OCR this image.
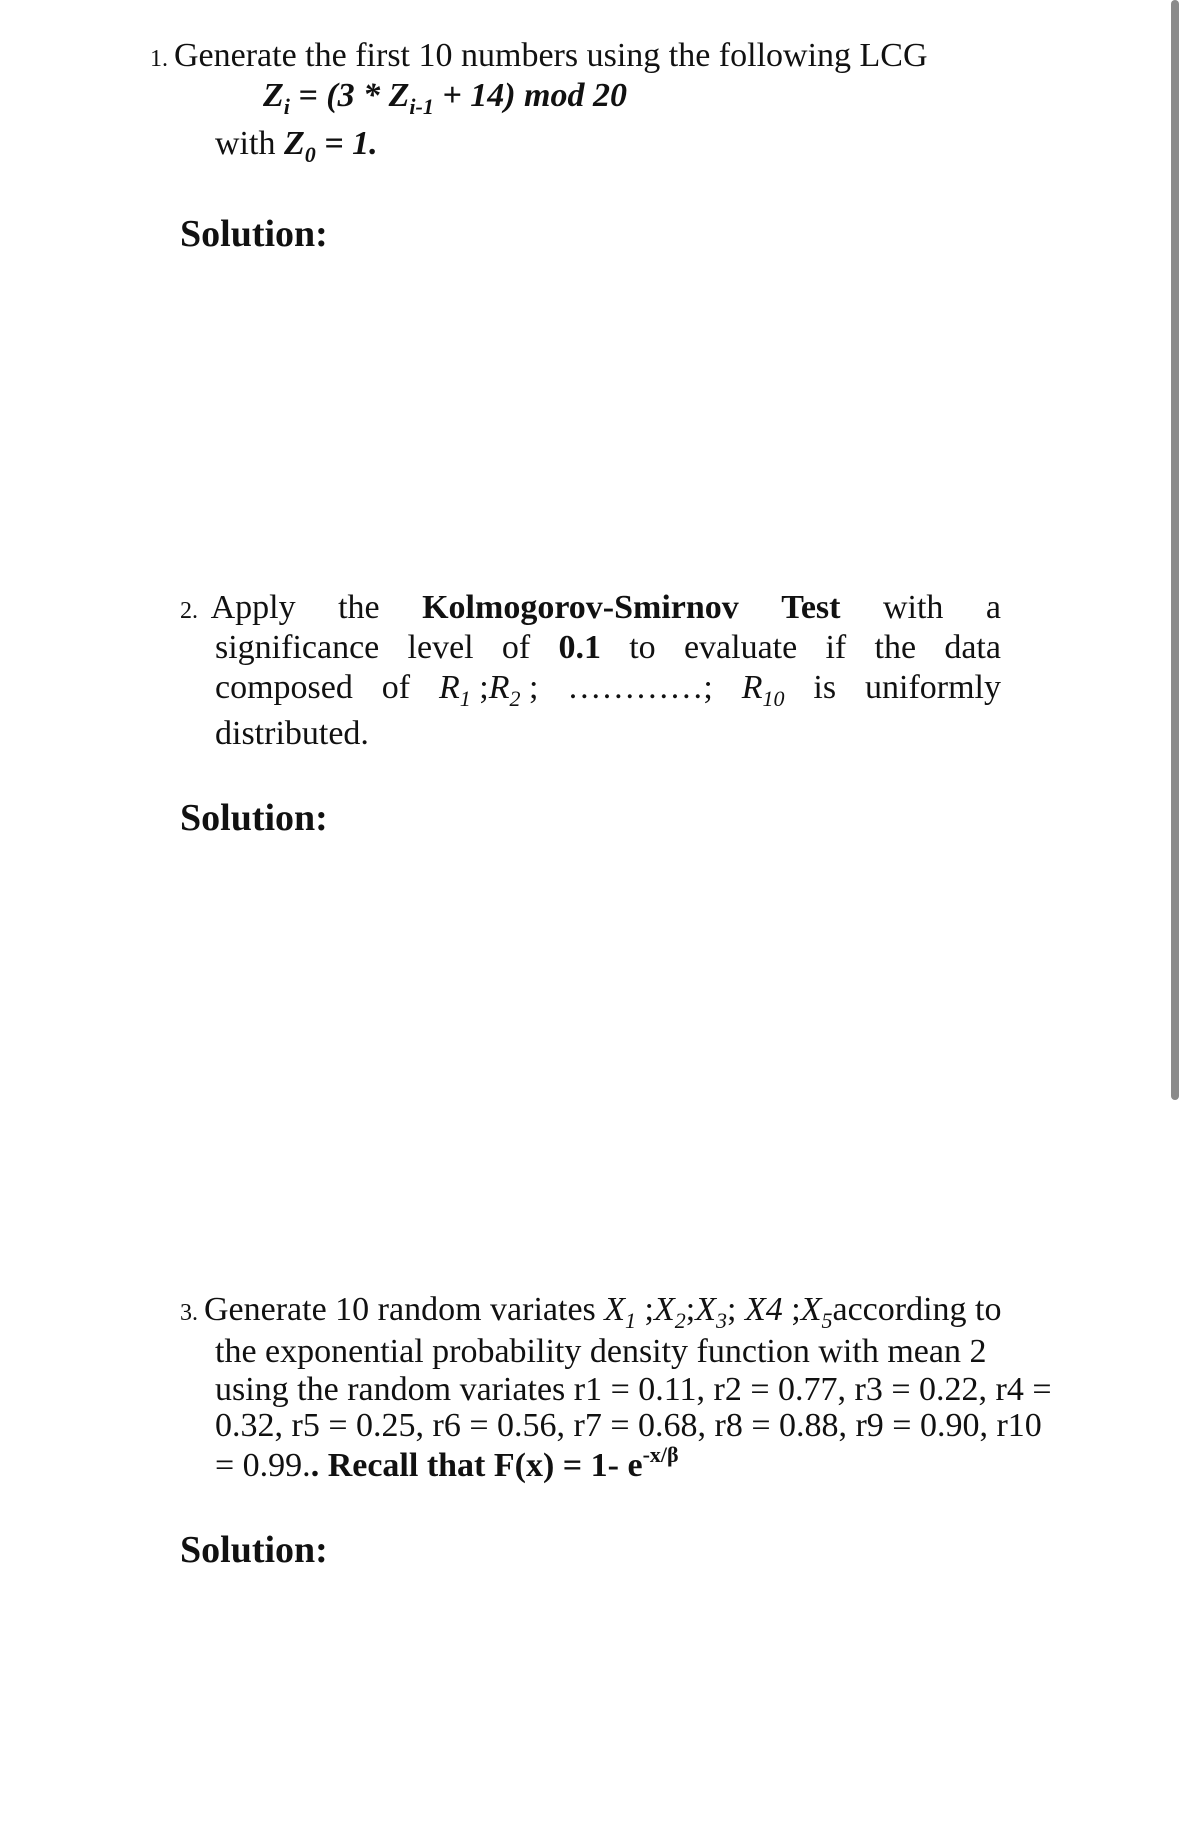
1. Generate the first 10 numbers using the following LCG
$Z_i = (3 * Z_{i-1} + 14)$ mod 20
with $Z_0 = 1$.
Solution:
2. Apply the Kolmogorov-Smirnov Test with a
significance level of 0.1 to evaluate if the data
composed of $R_1$ $;R_2$ ; …………; $R_{10}$ is uniformly
distributed.
Solution:
3. Generate 10 random variates $X_1$ $;X_2;X_3$; X4 $;X_5according$ to
the exponential probability density function with mean 2
using the random variates r1 = 0.11, r2 = 0.77, r3 = 0.22, r4 =
0.32, r5 = 0.25, r6 = 0.56, r7 = 0.68, r8 = 0.88, r9 = 0.90, r10
= 0.99.. Recall that F(x) = 1- $e^{-x/\beta}$
Solution:
